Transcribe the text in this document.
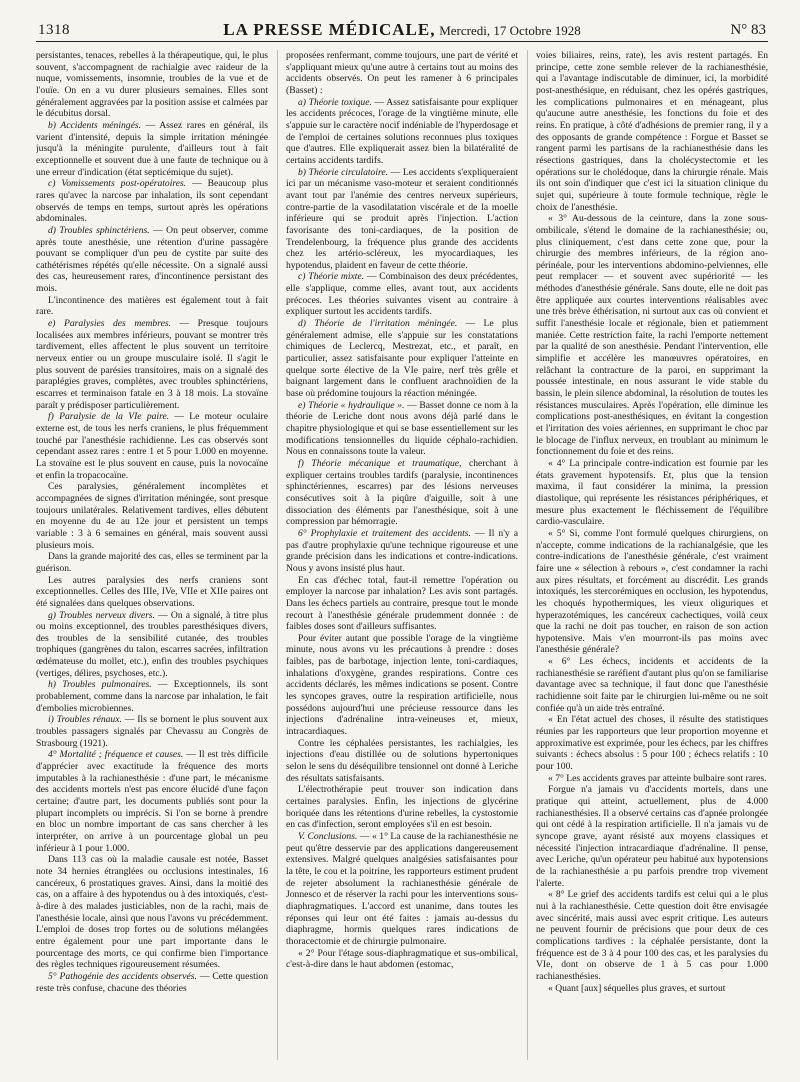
1318	LA PRESSE MÉDICALE, Mercredi, 17 Octobre 1928	N° 83

persistantes, tenaces, rebelles à la thérapeutique, qui, le plus souvent, s'accompagnent de rachialgie avec raideur de la nuque, vomissements, insomnie, troubles de la vue et de l'ouïe. On en a vu durer plusieurs semaines. Elles sont généralement aggravées par la position assise et calmées par le décubitus dorsal.

b) Accidents méningés. — Assez rares en général, ils varient d'intensité, depuis la simple irritation méningée jusqu'à la méningite purulente, d'ailleurs tout à fait exceptionnelle et souvent due à une faute de technique ou à une erreur d'indication (état septicémique du sujet).

c) Vomissements post-opératoires. — Beaucoup plus rares qu'avec la narcose par inhalation, ils sont cependant observés de temps en temps, surtout après les opérations abdominales.

d) Troubles sphinctériens. — On peut observer, comme après toute anesthésie, une rétention d'urine passagère pouvant se compliquer d'un peu de cystite par suite des cathétérismes répétés qu'elle nécessite. On a signalé aussi des cas, heureusement rares, d'incontinence persistant des mois.

L'incontinence des matières est également tout à fait rare.

e) Paralysies des membres. — Presque toujours localisées aux membres inférieurs, pouvant se montrer très tardivement, elles affectent le plus souvent un territoire nerveux entier ou un groupe musculaire isolé. Il s'agit le plus souvent de parésies transitoires, mais on a signalé des paraplégies graves, complètes, avec troubles sphinctériens, escarres et terminaison fatale en 3 à 18 mois. La stovaïne paraît y prédisposer particulièrement.

f) Paralysie de la VIe paire. — Le moteur oculaire externe est, de tous les nerfs craniens, le plus fréquemment touché par l'anesthésie rachidienne. Les cas observés sont cependant assez rares : entre 1 et 5 pour 1.000 en moyenne. La stovaïne est le plus souvent en cause, puis la novocaïne et enfin la tropacocaïne.

Ces paralysies, généralement incomplètes et accompagnées de signes d'irritation méningée, sont presque toujours unilatérales. Relativement tardives, elles débutent en moyenne du 4e au 12e jour et persistent un temps variable : 3 à 6 semaines en général, mais souvent aussi plusieurs mois.

Dans la grande majorité des cas, elles se terminent par la guérison.

Les autres paralysies des nerfs craniens sont exceptionnelles. Celles des IIIe, IVe, VIIe et XIIe paires ont été signalées dans quelques observations.

g) Troubles nerveux divers. — On a signalé, à titre plus ou moins exceptionnel, des troubles paresthésiques divers, des troubles de la sensibilité cutanée, des troubles trophiques (gangrènes du talon, escarres sacrées, infiltration œdémateuse du mollet, etc.), enfin des troubles psychiques (vertiges, délires, psychoses, etc.).

h) Troubles pulmonaires. — Exceptionnels, ils sont probablement, comme dans la narcose par inhalation, le fait d'embolies microbiennes.

i) Troubles rénaux. — Ils se bornent le plus souvent aux troubles passagers signalés par Chevassu au Congrès de Strasbourg (1921).

4° Mortalité ; fréquence et causes. — Il est très difficile d'apprécier avec exactitude la fréquence des morts imputables à la rachianesthésie : d'une part, le mécanisme des accidents mortels n'est pas encore élucidé d'une façon certaine; d'autre part, les documents publiés sont pour la plupart incomplets ou imprécis. Si l'on se borne à prendre en bloc un nombre important de cas sans chercher à les interpréter, on arrive à un pourcentage global un peu inférieur à 1 pour 1.000.

Dans 113 cas où la maladie causale est notée, Basset note 34 hernies étranglées ou occlusions intestinales, 16 cancéreux, 6 prostatiques graves. Ainsi, dans la moitié des cas, on a affaire à des hypotendus ou à des intoxiqués, c'est-à-dire à des malades justiciables, non de la rachi, mais de l'anesthésie locale, ainsi que nous l'avons vu précédemment. L'emploi de doses trop fortes ou de solutions mélangées entre également pour une part importante dans le pourcentage des morts, ce qui confirme bien l'importance des règles techniques rigoureusement résumées.

5° Pathogénie des accidents observés. — Cette question reste très confuse, chacune des théories

proposées renfermant, comme toujours, une part de vérité et s'appliquant mieux qu'une autre à certains tout au moins des accidents observés. On peut les ramener à 6 principales (Basset) :

a) Théorie toxique. — Assez satisfaisante pour expliquer les accidents précoces, l'orage de la vingtième minute, elle s'appuie sur le caractère nocif indéniable de l'hyperdosage et de l'emploi de certaines solutions reconnues plus toxiques que d'autres. Elle expliquerait assez bien la bilatéralité de certains accidents tardifs.

b) Théorie circulatoire. — Les accidents s'expliqueraient ici par un mécanisme vaso-moteur et seraient conditionnés avant tout par l'anémie des centres nerveux supérieurs, contre-partie de la vasodilatation viscérale et de la moelle inférieure qui se produit après l'injection. L'action favorisante des toni-cardiaques, de la position de Trendelenbourg, la fréquence plus grande des accidents chez les artério-scléreux, les myocardiaques, les hypotendus, plaident en faveur de cette théorie.

c) Théorie mixte. — Combinaison des deux précédentes, elle s'applique, comme elles, avant tout, aux accidents précoces. Les théories suivantes visent au contraire à expliquer surtout les accidents tardifs.

d) Théorie de l'irritation méningée. — Le plus généralement admise, elle s'appuie sur les constatations chimiques de Leclercq, Mestrezat, etc., et paraît, en particulier, assez satisfaisante pour expliquer l'atteinte en quelque sorte élective de la VIe paire, nerf très grêle et baignant largement dans le confluent arachnoïdien de la base où prédomine toujours la réaction méningée.

e) Théorie « hydraulique ». — Basset donne ce nom à la théorie de Leriche dont nous avons déjà parlé dans le chapitre physiologique et qui se base essentiellement sur les modifications tensionnelles du liquide céphalo-rachidien. Nous en connaissons toute la valeur.

f) Théorie mécanique et traumatique, cherchant à expliquer certains troubles tardifs (paralysie, incontinences sphinctériennes, escarres) par des lésions nerveuses consécutives soit à la piqûre d'aiguille, soit à une dissociation des éléments par l'anesthésique, soit à une compression par hémorragie.

6° Prophylaxie et traitement des accidents. — Il n'y a pas d'autre prophylaxie qu'une technique rigoureuse et une grande précision dans les indications et contre-indications. Nous y avons insisté plus haut.

En cas d'échec total, faut-il remettre l'opération ou employer la narcose par inhalation? Les avis sont partagés. Dans les échecs partiels au contraire, presque tout le monde recourt à l'anesthésie générale prudemment donnée : de faibles doses sont d'ailleurs suffisantes.

Pour éviter autant que possible l'orage de la vingtième minute, nous avons vu les précautions à prendre : doses faibles, pas de barbotage, injection lente, toni-cardiaques, inhalations d'oxygène, grandes respirations. Contre ces accidents déclarés, les mêmes indications se posent. Contre les syncopes graves, outre la respiration artificielle, nous possédons aujourd'hui une précieuse ressource dans les injections d'adrénaline intra-veineuses et, mieux, intracardiaques.

Contre les céphalées persistantes, les rachialgies, les injections d'eau distillée ou de solutions hypertoniques selon le sens du déséquilibre tensionnel ont donné à Leriche des résultats satisfaisants.

L'électrothérapie peut trouver son indication dans certaines paralysies. Enfin, les injections de glycérine boriquée dans les rétentions d'urine rebelles, la cystostomie en cas d'infection, seront employées s'il en est besoin.

V. Conclusions. — « 1° La cause de la rachianesthésie ne peut qu'être desservie par des applications dangereusement extensives. Malgré quelques analgésies satisfaisantes pour la tête, le cou et la poitrine, les rapporteurs estiment prudent de rejeter absolument la rachianesthésie générale de Jonnesco et de réserver la rachi pour les interventions sous-diaphragmatiques. L'accord est unanime, dans toutes les réponses qui leur ont été faites : jamais au-dessus du diaphragme, hormis quelques rares indications de thoracectomie et de chirurgie pulmonaire.

« 2° Pour l'étage sous-diaphragmatique et sus-ombilical, c'est-à-dire dans le haut abdomen (estomac,

voies biliaires, reins, rate), les avis restent partagés. En principe, cette zone semble relever de la rachianesthésie, qui a l'avantage indiscutable de diminuer, ici, la morbidité post-anesthésique, en réduisant, chez les opérés gastriques, les complications pulmonaires et en ménageant, plus qu'aucune autre anesthésie, les fonctions du foie et des reins. En pratique, à côté d'adhésions de premier rang, il y a des opposants de grande compétence : Forgue et Basset se rangent parmi les partisans de la rachianesthésie dans les résections gastriques, dans la cholécystectomie et les opérations sur le cholédoque, dans la chirurgie rénale. Mais ils ont soin d'indiquer que c'est ici la situation clinique du sujet qui, supérieure à toute formule technique, règle le choix de l'anesthésie.

« 3° Au-dessous de la ceinture, dans la zone sous-ombilicale, s'étend le domaine de la rachianesthésie; ou, plus cliniquement, c'est dans cette zone que, pour la chirurgie des membres inférieurs, de la région ano-périnéale, pour les interventions abdomino-pelviennes, elle peut remplacer — et souvent avec supériorité — les méthodes d'anesthésie générale. Sans doute, elle ne doit pas être appliquée aux courtes interventions réalisables avec une très brève éthérisation, ni surtout aux cas où convient et suffit l'anesthésie locale et régionale, bien et patiemment maniée. Cette restriction faite, la rachi l'emporte nettement par la qualité de son anesthésie. Pendant l'intervention, elle simplifie et accélère les manœuvres opératoires, en relâchant la contracture de la paroi, en supprimant la poussée intestinale, en nous assurant le vide stable du bassin, le plein silence abdominal, la résolution de toutes les résistances musculaires. Après l'opération, elle diminue les complications post-anesthésiques, en évitant la congestion et l'irritation des voies aériennes, en supprimant le choc par le blocage de l'influx nerveux, en troublant au minimum le fonctionnement du foie et des reins.

« 4° La principale contre-indication est fournie par les états gravement hypotensifs. Et, plus que la tension maxima, il faut considérer la minima, la pression diastolique, qui représente les résistances périphériques, et mesure plus exactement le fléchissement de l'équilibre cardio-vasculaire.

« 5° Si, comme l'ont formulé quelques chirurgiens, on n'accepte, comme indications de la rachianalgésie, que les contre-indications de l'anesthésie générale, c'est vraiment faire une « sélection à rebours », c'est condamner la rachi aux pires résultats, et forcément au discrédit. Les grands intoxiqués, les stercorémiques en occlusion, les hypotendus, les choqués hypothermiques, les vieux oliguriques et hyperazotémiques, les cancéreux cachectiques, voilà ceux que la rachi ne doit pas toucher, en raison de son action hypotensive. Mais v'en mourront-ils pas moins avec l'anesthésie générale?

« 6° Les échecs, incidents et accidents de la rachianesthésie se raréfient d'autant plus qu'on se familiarise davantage avec sa technique, il faut donc que l'anesthésie rachidienne soit faite par le chirurgien lui-même ou ne soit confiée qu'à un aide très entraîné.

« En l'état actuel des choses, il résulte des statistiques réunies par les rapporteurs que leur proportion moyenne et approximative est exprimée, pour les échecs, par les chiffres suivants : échecs absolus : 5 pour 100 ; échecs relatifs : 10 pour 100.

« 7° Les accidents graves par atteinte bulbaire sont rares.

Forgue n'a jamais vu d'accidents mortels, dans une pratique qui atteint, actuellement, plus de 4.000 rachianesthésies. Il a observé certains cas d'apnée prolongée qui ont cédé à la respiration artificielle. Il n'a jamais vu de syncope grave, ayant résisté aux moyens classiques et nécessité l'injection intracardiaque d'adrénaline. Il pense, avec Leriche, qu'un opérateur peu habitué aux hypotensions de la rachianesthésie a pu parfois prendre trop vivement l'alerte.

« 8° Le grief des accidents tardifs est celui qui a le plus nui à la rachianesthésie. Cette question doit être envisagée avec sincérité, mais aussi avec esprit critique. Les auteurs ne peuvent fournir de précisions que pour deux de ces complications tardives : la céphalée persistante, dont la fréquence est de 3 à 4 pour 100 des cas, et les paralysies du VIe, dont on observe de 1 à 5 cas pour 1.000 rachianesthésies.

« Quant [aux] séquelles plus graves, et surtout
